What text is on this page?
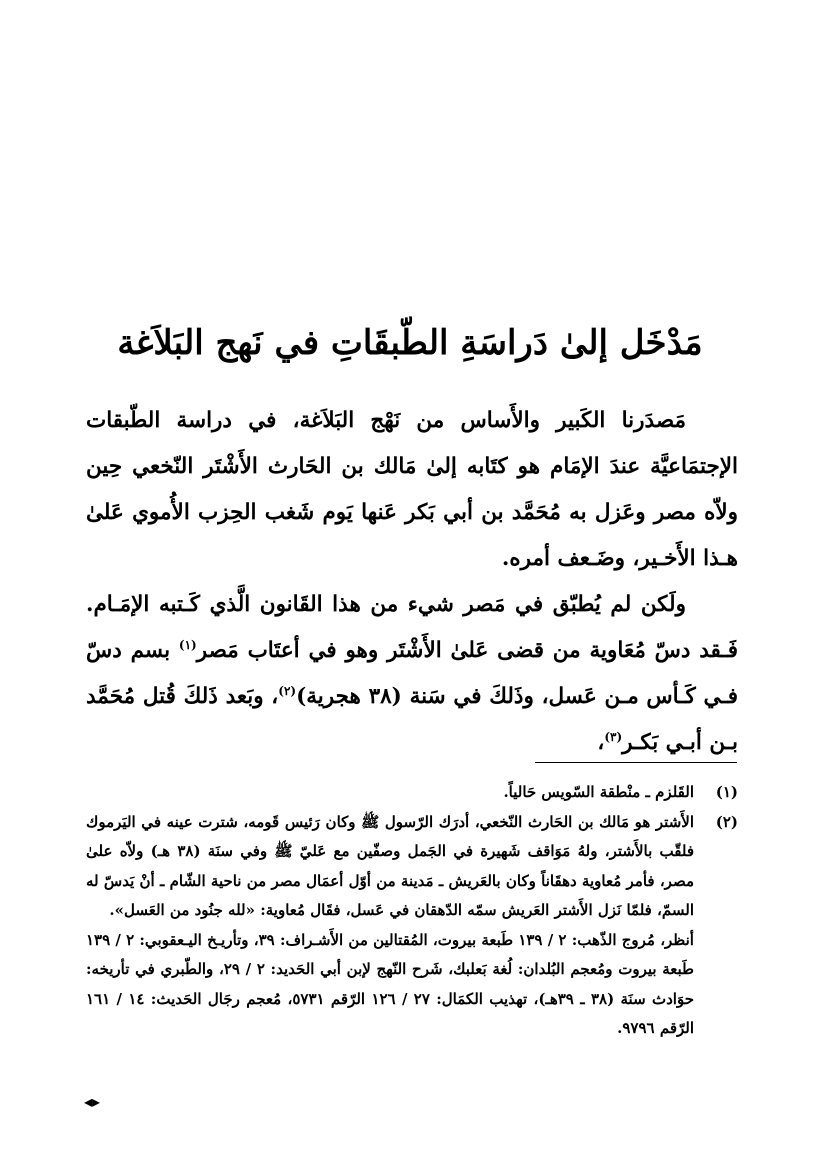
مَدْخَل إلىٰ دَراسَةِ الطّبقَاتِ في نَهج البَلاَغة

مَصدَرنا الكَبير والأَساس من نَهْج البَلاَغة، في دراسة الطّبقات الإجتمَاعيَّة عندَ الإمَام هو كتَابه إلىٰ مَالك بن الحَارث الأَشْتَر النّخعي حِين ولاّه مصر وعَزل به مُحَمَّد بن أبي بَكر عَنها يَوم شَغب الحِزب الأُموي عَلىٰ هـذا الأَخـير، وضَـعف أمره.

ولَكن لم يُطبّق في مَصر شيء من هذا القَانون الَّذي كَـتبه الإمَـام. فَـقد دسّ مُعَاوية من قضى عَلىٰ الأَشْتَر وهو في أعتَاب مَصر$^{(١)}$ بسم دسّ فـي كَـأس مـن عَسل، وذَلكَ في سَنة (٣٨ هجرية)$^{(٢)}$، وبَعد ذَلكَ قُتل مُحَمَّد بـن أبـي بَكـر$^{(٣)}$،

(١)

القَلزم ـ منْطقة السّويس حَالياً.

(٢)

الأَشتر هو مَالك بن الحَارث النّخعي، أدرَك الرّسول ﷺ وكان رَئيس قَومه، شترت عينه في اليَرموك فلقّب بالأَشتر، ولهُ مَوَاقف شَهيرة في الجَمل وصفّين مع عَليّ ﷺ وفي سنَة (٣٨ هـ) ولاّه علىٰ مصر، فأمر مُعاوية دهقَاناً وكان بالعَريش ـ مَدينة من أوّل أعمَال مصر من ناحية الشّام ـ أنْ يَدسّ له السمّ، فلمّا نَزل الأَشتر العَريش سمّه الدّهقان في عَسل، فقَال مُعاوية: «لله جنُود من العَسل».

أنظر، مُروج الذّهب: ٢ / ١٣٩ طَبعة بيروت، المُقتالين من الأَشـراف: ٣٩، وتأريـخ اليـعقوبي: ٢ / ١٣٩ طَبعة بيروت ومُعجم البُلدان: لُغة بَعلبك، شَرح النّهج لإبن أبي الحَديد: ٢ / ٢٩، والطّبري في تأريخه: حوَادث سنَة (٣٨ ـ ٣٩هـ)، تهذيب الكمَال: ٢٧ / ١٢٦ الرّقم ٥٧٣١، مُعجم رجَال الحَديث: ١٤ / ١٦١ الرّقم ٩٧٩٦.

◂▸
